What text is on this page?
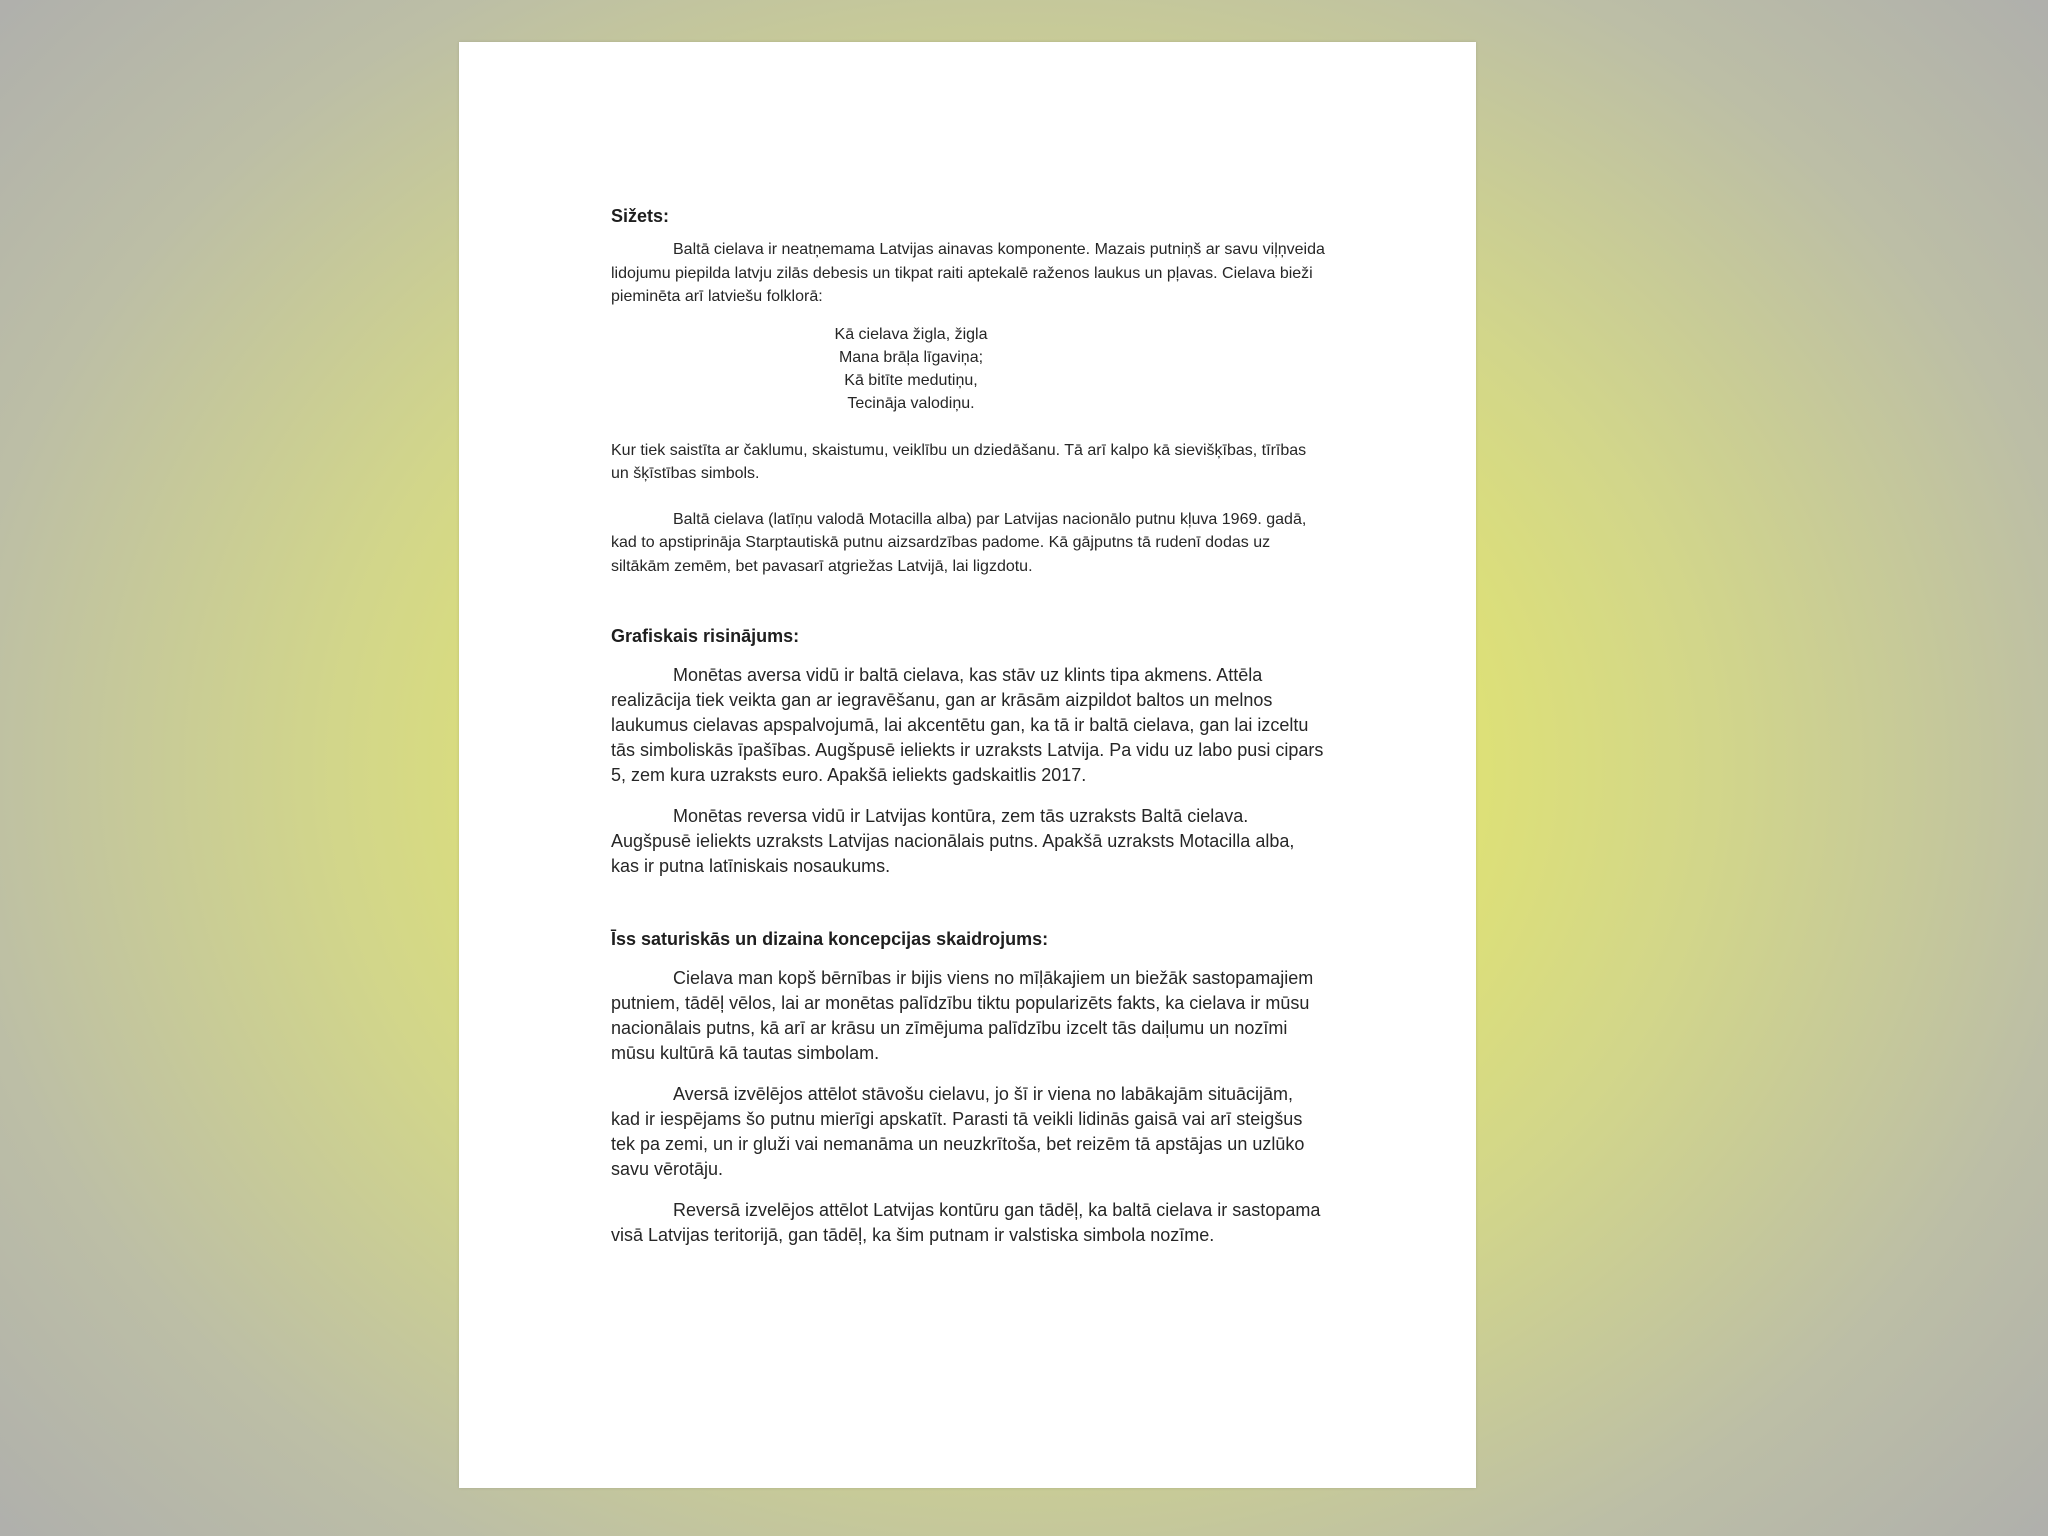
Sižets:

Baltā cielava ir neatņemama Latvijas ainavas komponente. Mazais putniņš ar savu viļņveida lidojumu piepilda latvju zilās debesis un tikpat raiti aptekalē raženos laukus un pļavas. Cielava bieži pieminēta arī latviešu folklorā:

Kā cielava žigla, žigla
Mana brāļa līgaviņa;
Kā bitīte medutiņu,
Tecināja valodiņu.

Kur tiek saistīta ar čaklumu, skaistumu, veiklību un dziedāšanu. Tā arī kalpo kā sievišķības, tīrības un šķīstības simbols.

Baltā cielava (latīņu valodā Motacilla alba) par Latvijas nacionālo putnu kļuva 1969. gadā, kad to apstiprināja Starptautiskā putnu aizsardzības padome. Kā gājputns tā rudenī dodas uz siltākām zemēm, bet pavasarī atgriežas Latvijā, lai ligzdotu.

Grafiskais risinājums:

Monētas aversa vidū ir baltā cielava, kas stāv uz klints tipa akmens. Attēla realizācija tiek veikta gan ar iegravēšanu, gan ar krāsām aizpildot baltos un melnos laukumus cielavas apspalvojumā, lai akcentētu gan, ka tā ir baltā cielava, gan lai izceltu tās simboliskās īpašības. Augšpusē ieliekts ir uzraksts Latvija. Pa vidu uz labo pusi cipars 5, zem kura uzraksts euro. Apakšā ieliekts gadskaitlis 2017.

Monētas reversa vidū ir Latvijas kontūra, zem tās uzraksts Baltā cielava. Augšpusē ieliekts uzraksts Latvijas nacionālais putns. Apakšā uzraksts Motacilla alba, kas ir putna latīniskais nosaukums.

Īss saturiskās un dizaina koncepcijas skaidrojums:

Cielava man kopš bērnības ir bijis viens no mīļākajiem un biežāk sastopamajiem putniem, tādēļ vēlos, lai ar monētas palīdzību tiktu popularizēts fakts, ka cielava ir mūsu nacionālais putns, kā arī ar krāsu un zīmējuma palīdzību izcelt tās daiļumu un nozīmi mūsu kultūrā kā tautas simbolam.

Aversā izvēlējos attēlot stāvošu cielavu, jo šī ir viena no labākajām situācijām, kad ir iespējams šo putnu mierīgi apskatīt. Parasti tā veikli lidinās gaisā vai arī steigšus tek pa zemi, un ir gluži vai nemanāma un neuzkrītoša, bet reizēm tā apstājas un uzlūko savu vērotāju.

Reversā izvelējos attēlot Latvijas kontūru gan tādēļ, ka baltā cielava ir sastopama visā Latvijas teritorijā, gan tādēļ, ka šim putnam ir valstiska simbola nozīme.
